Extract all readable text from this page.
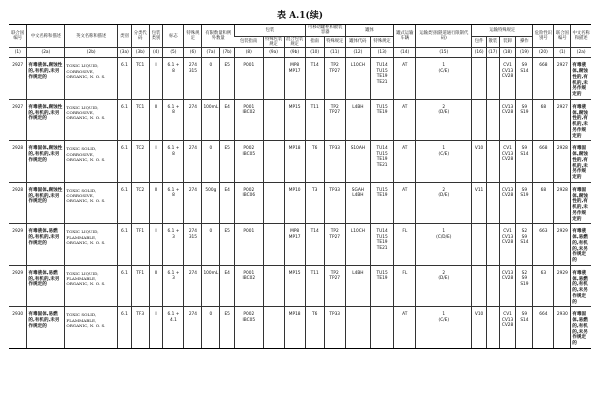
表 A.1(续)
联合国编号	中文名称和描述	英文名称和描述	类别	分类代码	包装类别	标志	特殊规定	有限数量和例外数量		包装			可移动罐柜和散装容器		罐体		罐式运输车辆	运输类别(隧道通行限制代码)	运输特殊规定				危险性识别号	联合国编号	中文名称和描述
										包装指南	特殊包装规定	混合包装规定	指南	特殊规定	罐体代码	特殊规定			包件	散装	装卸	操作			
(1)	(2a)	(2b)	(3a)	(3b)	(4)	(5)	(6)	(7a)	(7b)	(8)	(9a)	(9b)	(10)	(11)	(12)	(13)	(14)	(15)	(16)	(17)	(18)	(19)	(20)	(1)	(2a)
2927	有毒液体,腐蚀性的,有机的,未另作规定的	TOXIC LIQUID, CORROSIVE, ORGANIC, N. O. S.	6.1	TC1	I	6.1 +
8	274
315	0	E5	P001		MP8 MP17	T14	TP2
TP27	L10CH	TU14
TU15
TE19
TE21	AT	1
(C/E)			CV1
CV13
CV28	S9
S14	668	2927	有毒液体,腐蚀性的,有机的,未另作规定的
2927	有毒液体,腐蚀性的,有机的,未另作规定的	TOXIC LIQUID, CORROSIVE, ORGANIC, N. O. S.	6.1	TC1	II	6.1 +
8	274	100mL	E4	P001
IBC02		MP15	T11	TP2
TP27	L4BH	TU15
TE19	AT	2
(D/E)			CV13
CV28	S9
S19	68	2927	有毒液体,腐蚀性的,有机的,未另作规定的
2928	有毒固体,腐蚀性的,有机的,未另作规定的	TOXIC SOLID, CORROSIVE, ORGANIC, N. O. S.	6.1	TC2	I	6.1 +
8	274	0	E5	P002
IBC05		MP18	T6	TP33	S10AH	TU14
TU15
TE19
TE21	AT	1
(C/E)	V10		CV1
CV13
CV28	S9
S14	668	2928	有毒固体,腐蚀性的,有机的,未另作规定的
2928	有毒固体,腐蚀性的,有机的,未另作规定的	TOXIC SOLID, CORROSIVE, ORGANIC, N. O. S.	6.1	TC2	II	6.1 +
8	274	500g	E4	P002
IBC06		MP10	T3	TP33	SGAH L4BH	TU15
TE19	AT	2
(D/E)	V11		CV13
CV28	S9
S19	68	2928	有毒固体,腐蚀性的,有机的,未另作规定的
2929	有毒液体,易燃的,有机的,未另作规定的	TOXIC LIQUID, FLAMMABLE, ORGANIC, N. O. S.	6.1	TF1	I	6.1 +
3	274
315	0	E5	P001		MP8 MP17	T14	TP2
TP27	L10CH	TU14
TU15
TE19
TE21	FL	1
(C/D/E)			CV1
CV13
CV28	S2
S9
S14	663	2929	有毒液体,易燃的,有机的,未另作规定的
2929	有毒液体,易燃的,有机的,未另作规定的	TOXIC LIQUID, FLAMMABLE, ORGANIC, N. O. S.	6.1	TF1	II	6.1 +
3	274	100mL	E4	P001
IBC02		MP15	T11	TP2
TP27	L4BH	TU15
TE19	FL	2
(D/E)			CV13
CV28	S2
S9
S19	63	2929	有毒液体,易燃的,有机的,未另作规定的
2930	有毒固体,易燃的,有机的,未另作规定的	TOXIC SOLID, FLAMMABLE, ORGANIC, N. O. S.	6.1	TF3	I	6.1 +
4.1	274	0	E5	P002
IBC05		MP18	T6	TP33			AT	1
(C/E)	V10		CV1
CV13
CV28	S9
S14	664	2930	有毒固体,易燃的,有机的,未另作规定的
